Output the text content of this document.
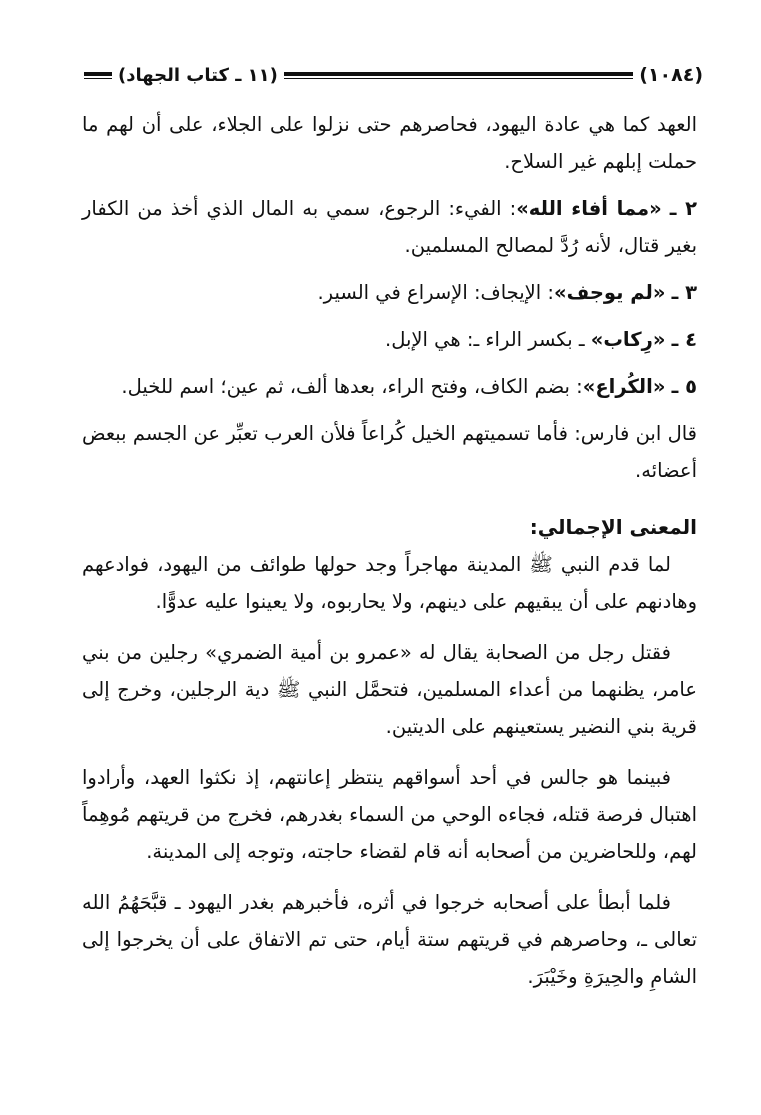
(١٠٨٤)
(١١ ـ كتاب الجهاد)

العهد كما هي عادة اليهود، فحاصرهم حتى نزلوا على الجلاء، على أن لهم ما حملت إبلهم غير السلاح.

٢ ـ «مما أفاء الله»: الفيء: الرجوع، سمي به المال الذي أخذ من الكفار بغير قتال، لأنه رُدَّ لمصالح المسلمين.

٣ ـ «لم يوجف»: الإيجاف: الإسراع في السير.

٤ ـ «رِكاب» ـ بكسر الراء ـ: هي الإبل.

٥ ـ «الكُراع»: بضم الكاف، وفتح الراء، بعدها ألف، ثم عين؛ اسم للخيل.

قال ابن فارس: فأما تسميتهم الخيل كُراعاً فلأن العرب تعبِّر عن الجسم ببعض أعضائه.

المعنى الإجمالي:

لما قدم النبي ﷺ المدينة مهاجراً وجد حولها طوائف من اليهود، فوادعهم وهادنهم على أن يبقيهم على دينهم، ولا يحاربوه، ولا يعينوا عليه عدوًّا.

فقتل رجل من الصحابة يقال له «عمرو بن أمية الضمري» رجلين من بني عامر، يظنهما من أعداء المسلمين، فتحمَّل النبي ﷺ دية الرجلين، وخرج إلى قرية بني النضير يستعينهم على الديتين.

فبينما هو جالس في أحد أسواقهم ينتظر إعانتهم، إذ نكثوا العهد، وأرادوا اهتبال فرصة قتله، فجاءه الوحي من السماء بغدرهم، فخرج من قريتهم مُوهِماً لهم، وللحاضرين من أصحابه أنه قام لقضاء حاجته، وتوجه إلى المدينة.

فلما أبطأ على أصحابه خرجوا في أثره، فأخبرهم بغدر اليهود ـ قبَّحَهُمُ الله تعالى ـ، وحاصرهم في قريتهم ستة أيام، حتى تم الاتفاق على أن يخرجوا إلى الشامِ والحِيرَةِ وخَيْبَرَ.
